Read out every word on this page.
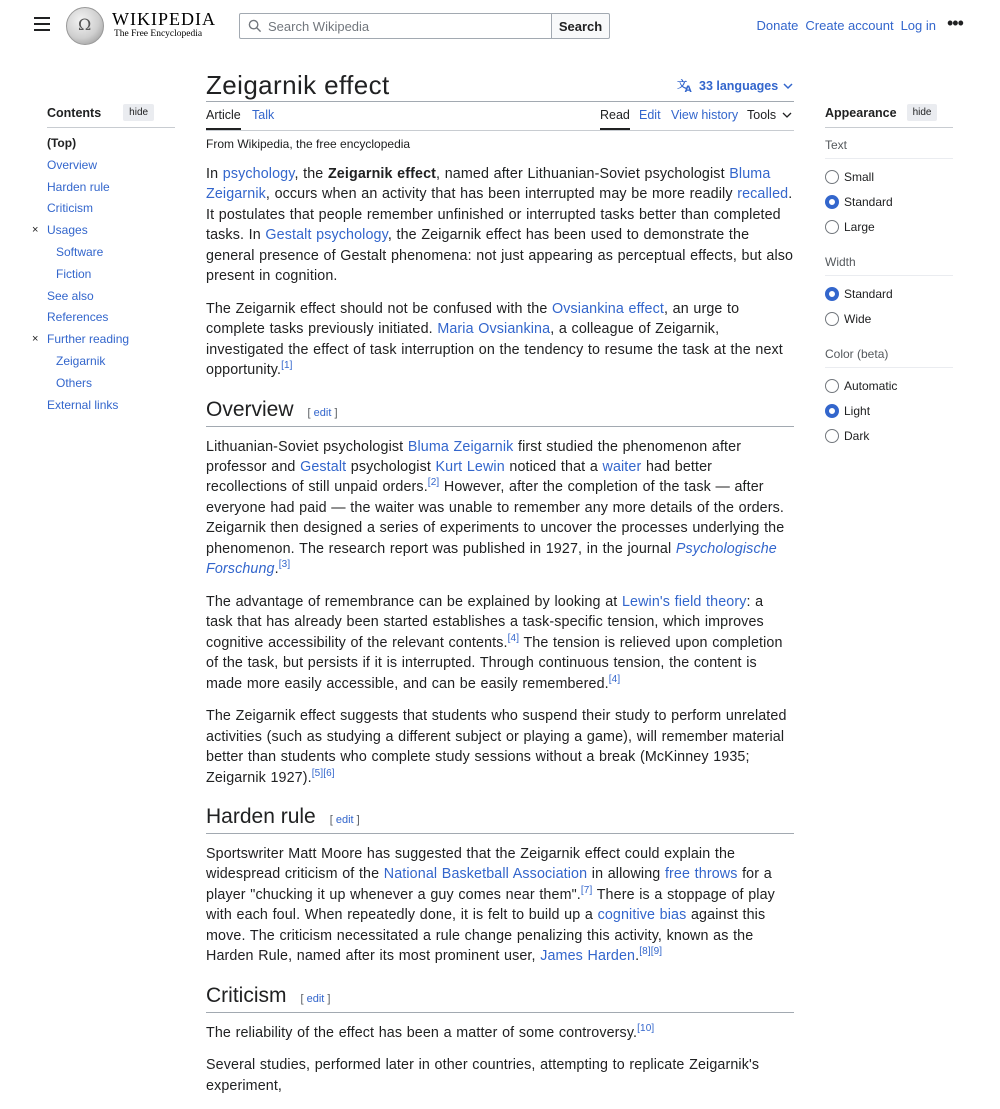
Ω
WIKIPEDIA
The Free Encyclopedia
Search Wikipedia
Search	Donate Create account Log in •••
Contents	hide
(Top)
Overview
Harden rule
Criticism
× Usages
Software
Fiction
See also
References
× Further reading
Zeigarnik
Others
External links
Zeigarnik effect	文
A 33 languages
Article Talk	Read Edit View history Tools
From Wikipedia, the free encyclopedia

In psychology, the Zeigarnik effect, named after Lithuanian-Soviet psychologist Bluma Zeigarnik, occurs when an activity that has been interrupted may be more readily recalled. It postulates that people remember unfinished or interrupted tasks better than completed tasks. In Gestalt psychology, the Zeigarnik effect has been used to demonstrate the general presence of Gestalt phenomena: not just appearing as perceptual effects, but also present in cognition.

The Zeigarnik effect should not be confused with the Ovsiankina effect, an urge to complete tasks previously initiated. Maria Ovsiankina, a colleague of Zeigarnik, investigated the effect of task interruption on the tendency to resume the task at the next opportunity.[1]

Overview [ edit ]

Lithuanian-Soviet psychologist Bluma Zeigarnik first studied the phenomenon after professor and Gestalt psychologist Kurt Lewin noticed that a waiter had better recollections of still unpaid orders.[2] However, after the completion of the task — after everyone had paid — the waiter was unable to remember any more details of the orders. Zeigarnik then designed a series of experiments to uncover the processes underlying the phenomenon. The research report was published in 1927, in the journal Psychologische Forschung.[3]

The advantage of remembrance can be explained by looking at Lewin's field theory: a task that has already been started establishes a task-specific tension, which improves cognitive accessibility of the relevant contents.[4] The tension is relieved upon completion of the task, but persists if it is interrupted. Through continuous tension, the content is made more easily accessible, and can be easily remembered.[4]

The Zeigarnik effect suggests that students who suspend their study to perform unrelated activities (such as studying a different subject or playing a game), will remember material better than students who complete study sessions without a break (McKinney 1935; Zeigarnik 1927).[5][6]

Harden rule [ edit ]

Sportswriter Matt Moore has suggested that the Zeigarnik effect could explain the widespread criticism of the National Basketball Association in allowing free throws for a player "chucking it up whenever a guy comes near them".[7] There is a stoppage of play with each foul. When repeatedly done, it is felt to build up a cognitive bias against this move. The criticism necessitated a rule change penalizing this activity, known as the Harden Rule, named after its most prominent user, James Harden.[8][9]

Criticism [ edit ]

The reliability of the effect has been a matter of some controversy.[10]

Several studies, performed later in other countries, attempting to replicate Zeigarnik's experiment,

Appearance	hide
Text
Small
Standard
Large
Width
Standard
Wide
Color (beta)
Automatic
Light
Dark
